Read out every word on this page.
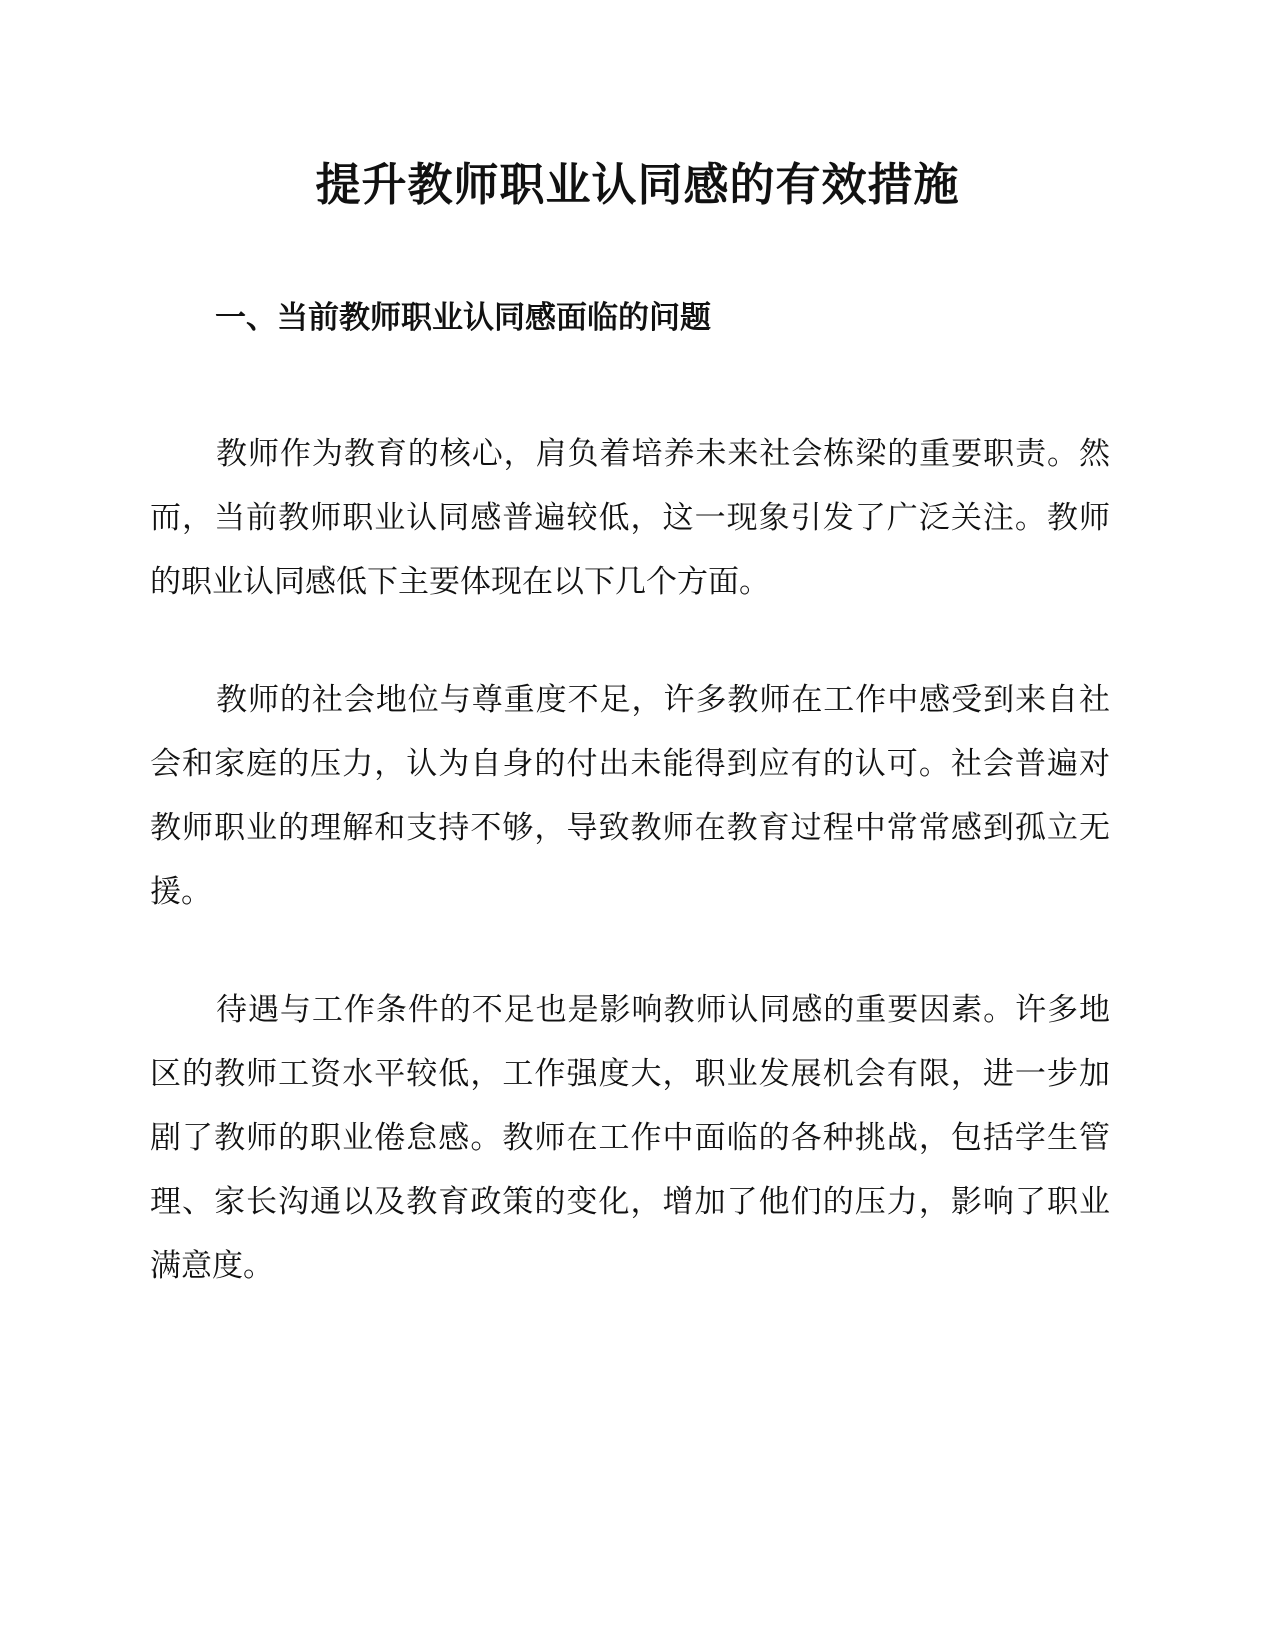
提升教师职业认同感的有效措施
一、当前教师职业认同感面临的问题

教师作为教育的核心，肩负着培养未来社会栋梁的重要职责。然而，当前教师职业认同感普遍较低，这一现象引发了广泛关注。教师的职业认同感低下主要体现在以下几个方面。

教师的社会地位与尊重度不足，许多教师在工作中感受到来自社会和家庭的压力，认为自身的付出未能得到应有的认可。社会普遍对教师职业的理解和支持不够，导致教师在教育过程中常常感到孤立无援。

待遇与工作条件的不足也是影响教师认同感的重要因素。许多地区的教师工资水平较低，工作强度大，职业发展机会有限，进一步加剧了教师的职业倦怠感。教师在工作中面临的各种挑战，包括学生管理、家长沟通以及教育政策的变化，增加了他们的压力，影响了职业满意度。
